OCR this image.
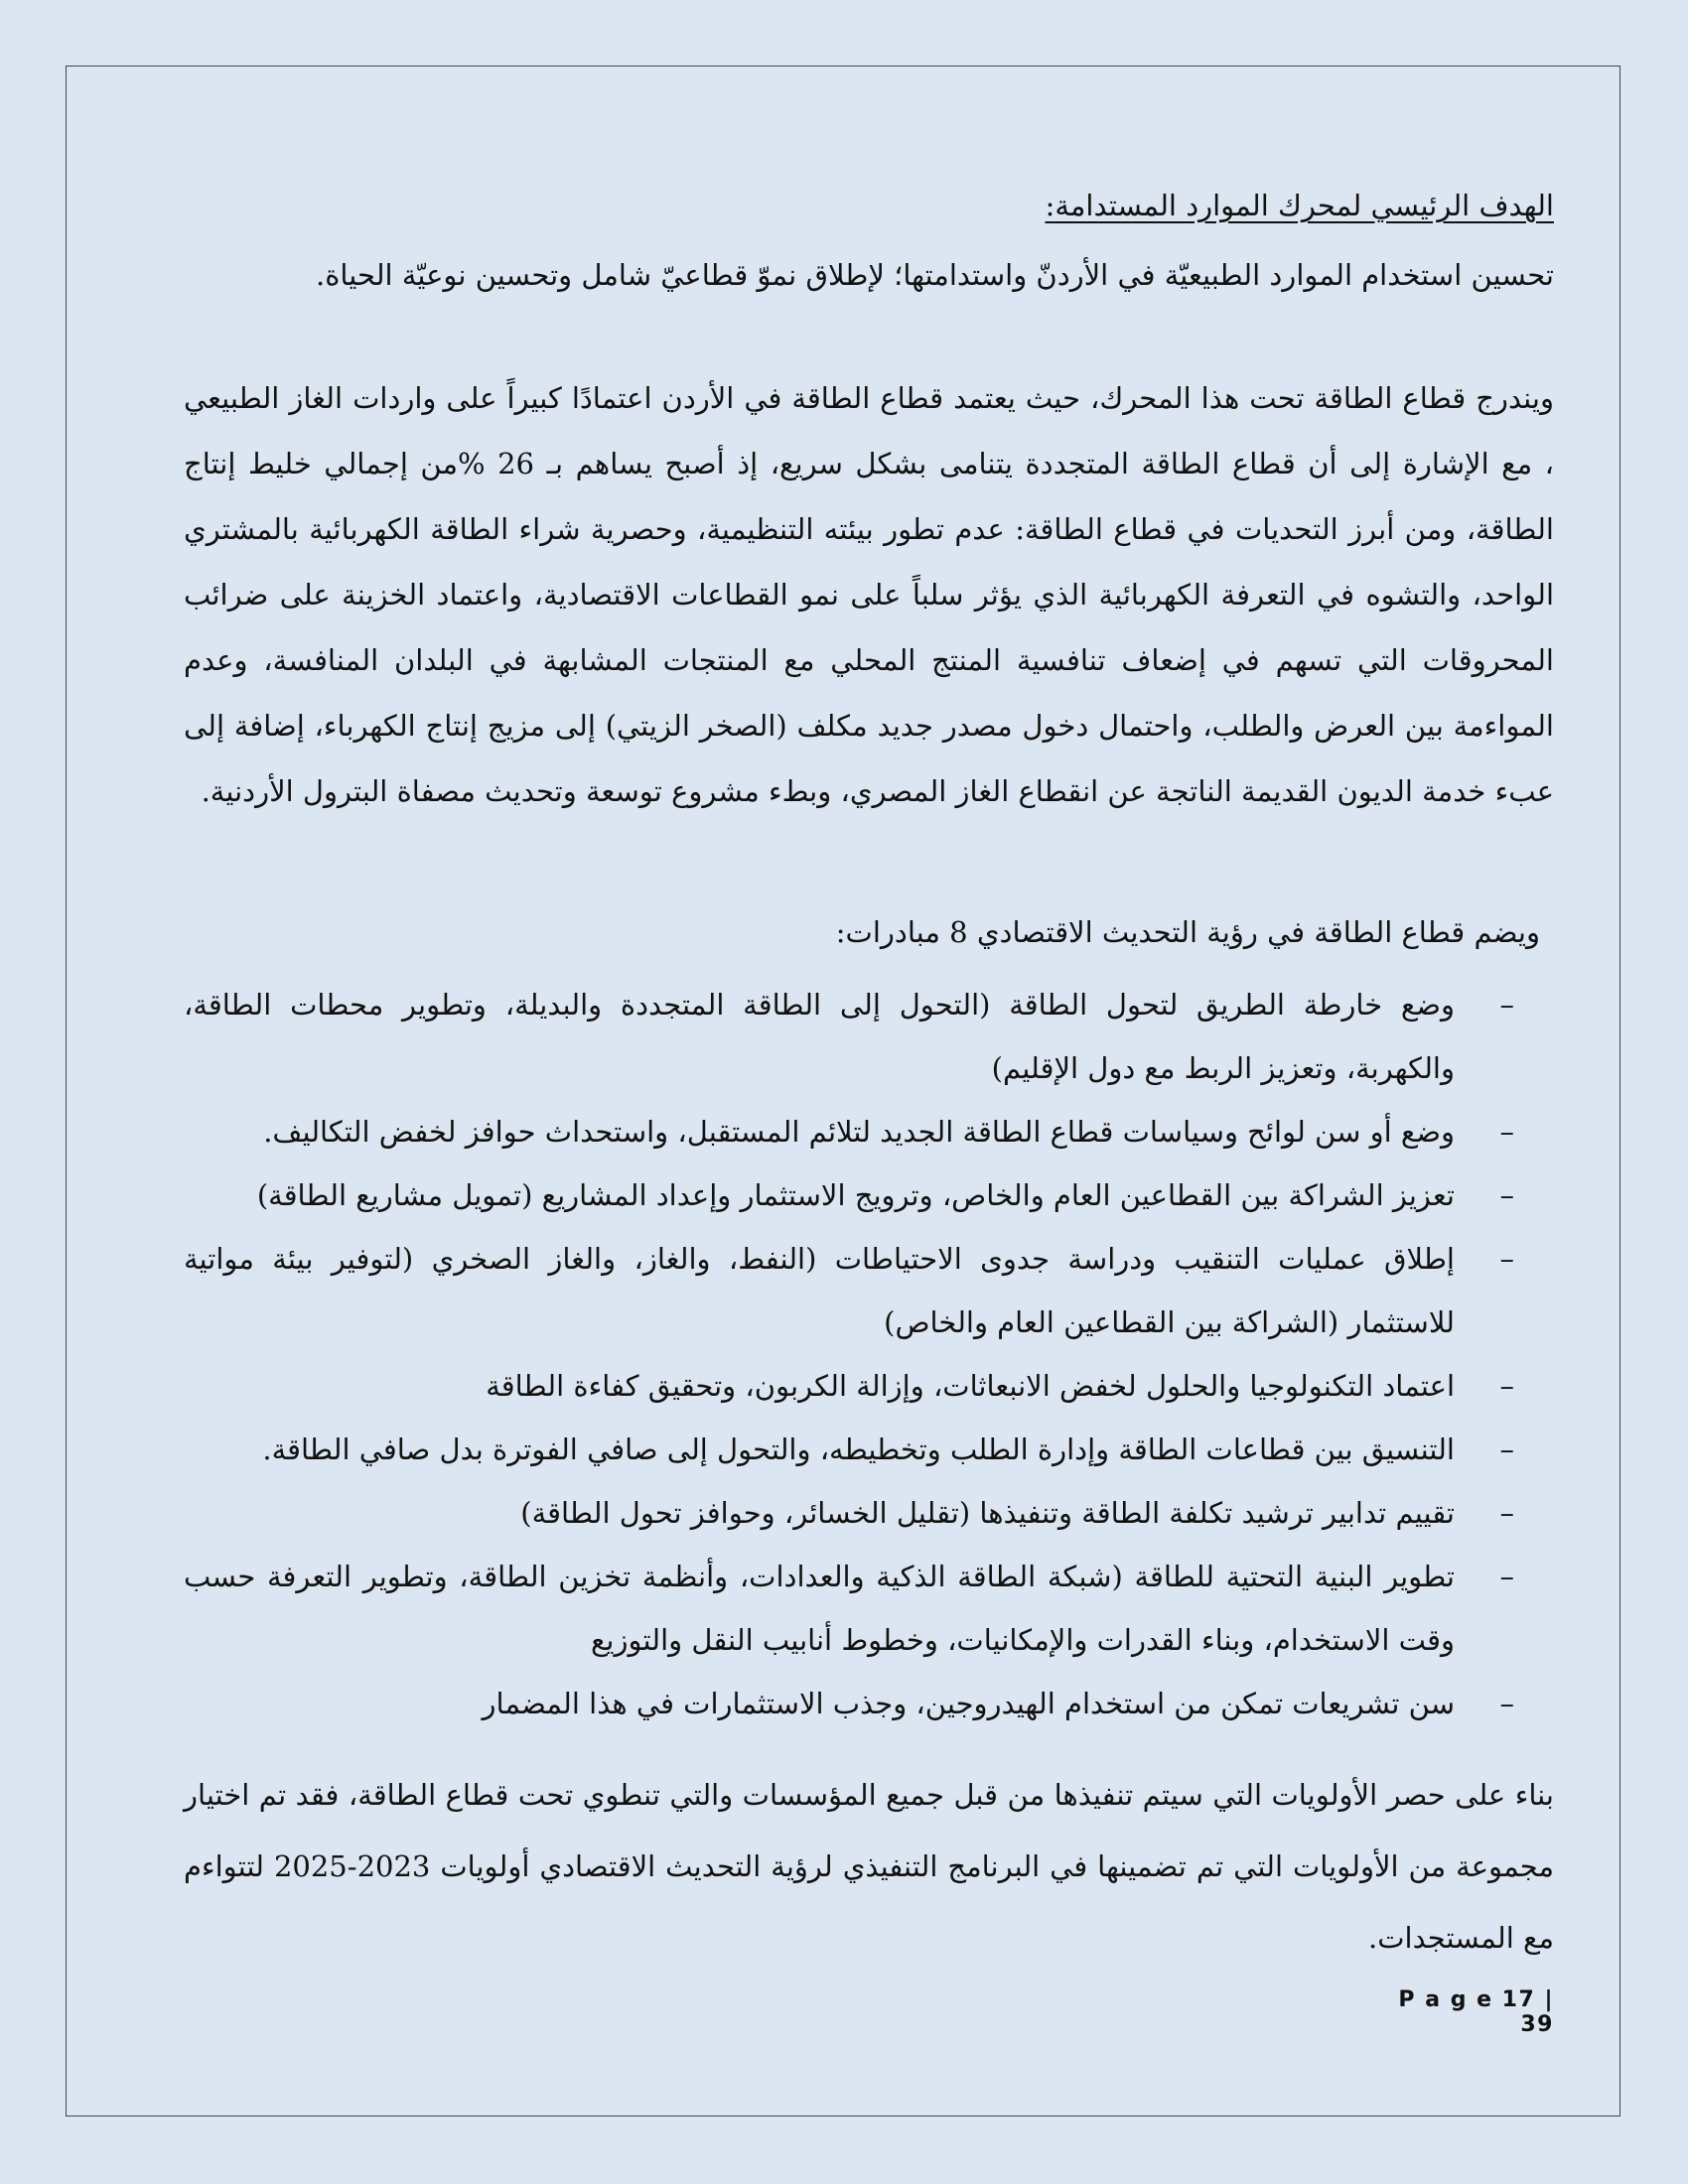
الهدف الرئيسي لمحرك الموارد المستدامة:
تحسين استخدام الموارد الطبيعيّة في الأردنّ واستدامتها؛ لإطلاق نموّ قطاعيّ شامل وتحسين نوعيّة الحياة.
ويندرج قطاع الطاقة تحت هذا المحرك، حيث يعتمد قطاع الطاقة في الأردن اعتمادًا كبيراً على واردات الغاز الطبيعي ، مع الإشارة إلى أن قطاع الطاقة المتجددة يتنامى بشكل سريع، إذ أصبح يساهم بـ 26 %من إجمالي خليط إنتاج الطاقة، ومن أبرز التحديات في قطاع الطاقة: عدم تطور بيئته التنظيمية، وحصرية شراء الطاقة الكهربائية بالمشتري الواحد، والتشوه في التعرفة الكهربائية الذي يؤثر سلباً على نمو القطاعات الاقتصادية، واعتماد الخزينة على ضرائب المحروقات التي تسهم في إضعاف تنافسية المنتج المحلي مع المنتجات المشابهة في البلدان المنافسة، وعدم المواءمة بين العرض والطلب، واحتمال دخول مصدر جديد مكلف (الصخر الزيتي) إلى مزيج إنتاج الكهرباء، إضافة إلى عبء خدمة الديون القديمة الناتجة عن انقطاع الغاز المصري، وبطء مشروع توسعة وتحديث مصفاة البترول الأردنية.
ويضم قطاع الطاقة في رؤية التحديث الاقتصادي 8 مبادرات:
– وضع خارطة الطريق لتحول الطاقة (التحول إلى الطاقة المتجددة والبديلة، وتطوير محطات الطاقة، والكهربة، وتعزيز الربط مع دول الإقليم)
– وضع أو سن لوائح وسياسات قطاع الطاقة الجديد لتلائم المستقبل، واستحداث حوافز لخفض التكاليف.
– تعزيز الشراكة بين القطاعين العام والخاص، وترويج الاستثمار وإعداد المشاريع (تمويل مشاريع الطاقة)
– إطلاق عمليات التنقيب ودراسة جدوى الاحتياطات (النفط، والغاز، والغاز الصخري (لتوفير بيئة مواتية للاستثمار (الشراكة بين القطاعين العام والخاص)
– اعتماد التكنولوجيا والحلول لخفض الانبعاثات، وإزالة الكربون، وتحقيق كفاءة الطاقة
– التنسيق بين قطاعات الطاقة وإدارة الطلب وتخطيطه، والتحول إلى صافي الفوترة بدل صافي الطاقة.
– تقييم تدابير ترشيد تكلفة الطاقة وتنفيذها (تقليل الخسائر، وحوافز تحول الطاقة)
– تطوير البنية التحتية للطاقة (شبكة الطاقة الذكية والعدادات، وأنظمة تخزين الطاقة، وتطوير التعرفة حسب وقت الاستخدام، وبناء القدرات والإمكانيات، وخطوط أنابيب النقل والتوزيع
– سن تشريعات تمكن من استخدام الهيدروجين، وجذب الاستثمارات في هذا المضمار
بناء على حصر الأولويات التي سيتم تنفيذها من قبل جميع المؤسسات والتي تنطوي تحت قطاع الطاقة، فقد تم اختيار مجموعة من الأولويات التي تم تضمينها في البرنامج التنفيذي لرؤية التحديث الاقتصادي أولويات 2023-2025 لتتواءم مع المستجدات.
P a g e 17 | 39
